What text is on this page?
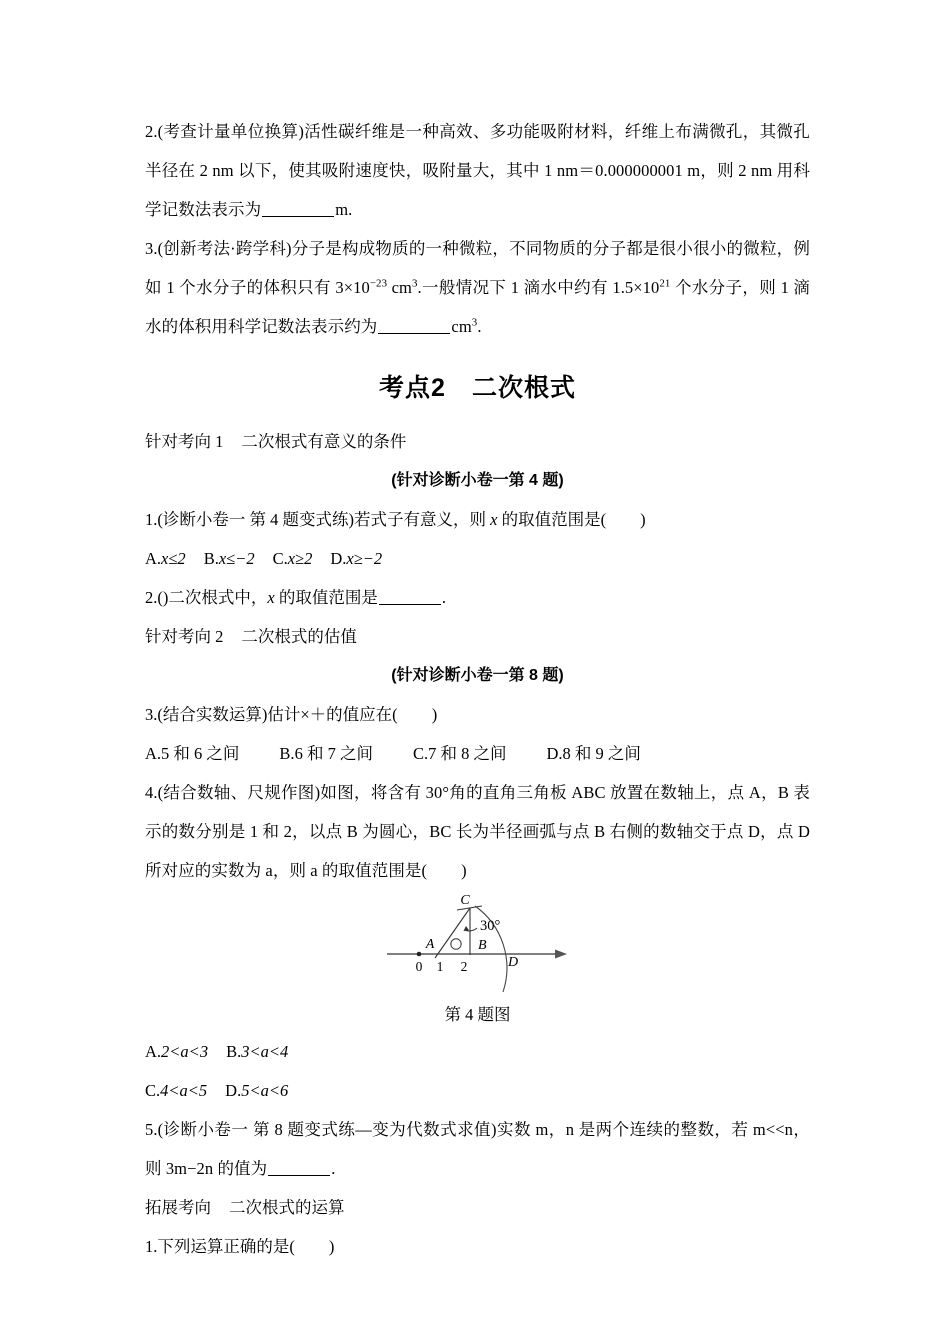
2.(考查计量单位换算)活性碳纤维是一种高效、多功能吸附材料，纤维上布满微孔，其微孔半径在 2 nm 以下，使其吸附速度快，吸附量大，其中 1 nm＝0.000000001 m，则 2 nm 用科学记数法表示为	m.
3.(创新考法·跨学科)分子是构成物质的一种微粒，不同物质的分子都是很小很小的微粒，例如 1 个水分子的体积只有 $3\times 10^{-23}$ $cm^3$.一般情况下 1 滴水中约有 $1.5\times 10^{21}$ 个水分子，则 1 滴水的体积用科学记数法表示约为	$cm^3$.
考点2 二次根式
针对考向 1 二次根式有意义的条件
(针对诊断小卷一第 4 题)
1.(诊断小卷一 第 4 题变式练)若式子有意义，则 x 的取值范围是( )
A.x≤2 B.x≤−2 C.x≥2 D.x≥−2
2.()二次根式中，x 的取值范围是	.
针对考向 2 二次根式的估值
(针对诊断小卷一第 8 题)
3.(结合实数运算)估计×＋的值应在( )
A.5 和 6 之间 B.6 和 7 之间 C.7 和 8 之间 D.8 和 9 之间
4.(结合数轴、尺规作图)如图，将含有 30°角的直角三角板 ABC 放置在数轴上，点 A，B 表示的数分别是 1 和 2，以点 B 为圆心，BC 长为半径画弧与点 B 右侧的数轴交于点 D，点 D 所对应的实数为 a，则 a 的取值范围是( )
C
A	B
D
30°
0 1 2
第 4 题图
A.2<a<3 B.3<a<4
C.4<a<5 D.5<a<6
5.(诊断小卷一 第 8 题变式练—变为代数式求值)实数 m，n 是两个连续的整数，若 m<<n，则 3m−2n 的值为	.
拓展考向 二次根式的运算
1.下列运算正确的是( )
